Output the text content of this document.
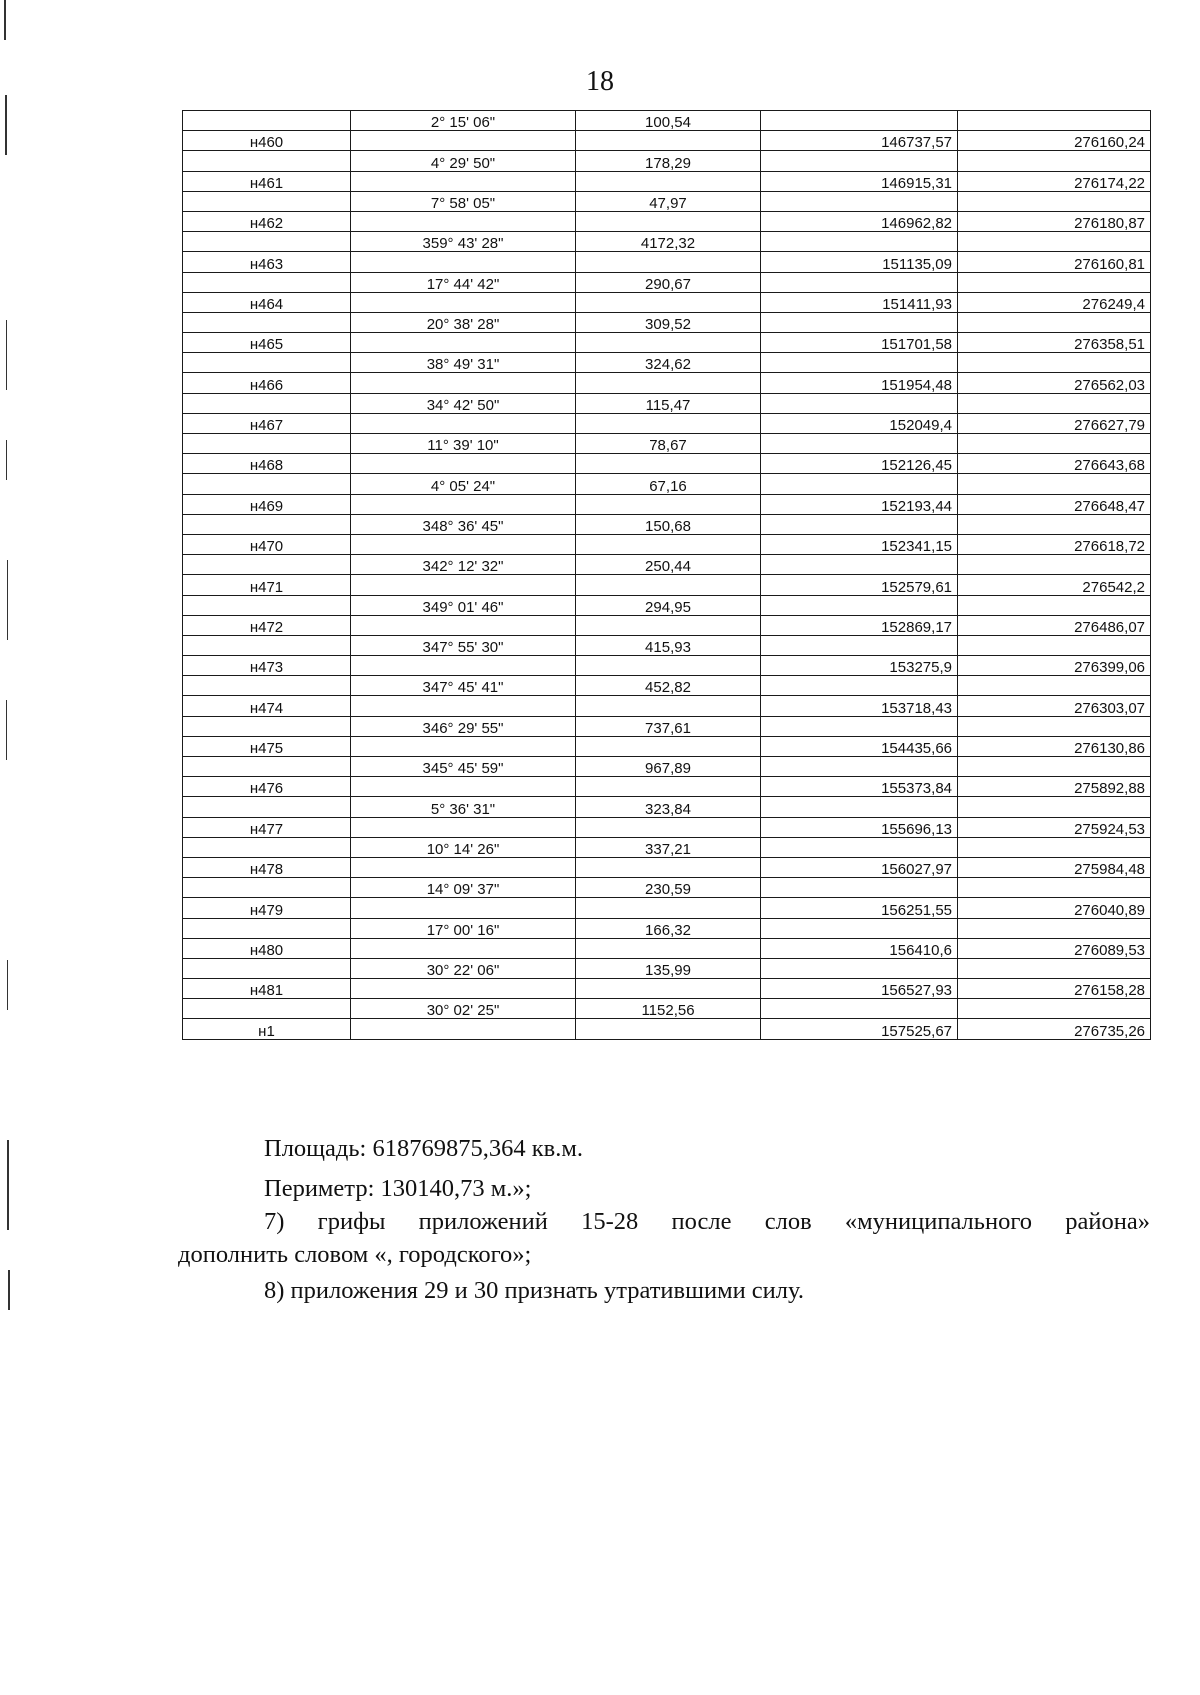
18
	2° 15' 06"	100,54		
н460			146737,57	276160,24
	4° 29' 50"	178,29		
н461			146915,31	276174,22
	7° 58' 05"	47,97		
н462			146962,82	276180,87
	359° 43' 28"	4172,32		
н463			151135,09	276160,81
	17° 44' 42"	290,67		
н464			151411,93	276249,4
	20° 38' 28"	309,52		
н465			151701,58	276358,51
	38° 49' 31"	324,62		
н466			151954,48	276562,03
	34° 42' 50"	115,47		
н467			152049,4	276627,79
	11° 39' 10"	78,67		
н468			152126,45	276643,68
	4° 05' 24"	67,16		
н469			152193,44	276648,47
	348° 36' 45"	150,68		
н470			152341,15	276618,72
	342° 12' 32"	250,44		
н471			152579,61	276542,2
	349° 01' 46"	294,95		
н472			152869,17	276486,07
	347° 55' 30"	415,93		
н473			153275,9	276399,06
	347° 45' 41"	452,82		
н474			153718,43	276303,07
	346° 29' 55"	737,61		
н475			154435,66	276130,86
	345° 45' 59"	967,89		
н476			155373,84	275892,88
	5° 36' 31"	323,84		
н477			155696,13	275924,53
	10° 14' 26"	337,21		
н478			156027,97	275984,48
	14° 09' 37"	230,59		
н479			156251,55	276040,89
	17° 00' 16"	166,32		
н480			156410,6	276089,53
	30° 22' 06"	135,99		
н481			156527,93	276158,28
	30° 02' 25"	1152,56		
н1			157525,67	276735,26
Площадь: 618769875,364 кв.м.
Периметр: 130140,73 м.»;
7) грифы приложений 15-28 после слов «муниципального района»
дополнить словом «, городского»;
8) приложения 29 и 30 признать утратившими силу.
